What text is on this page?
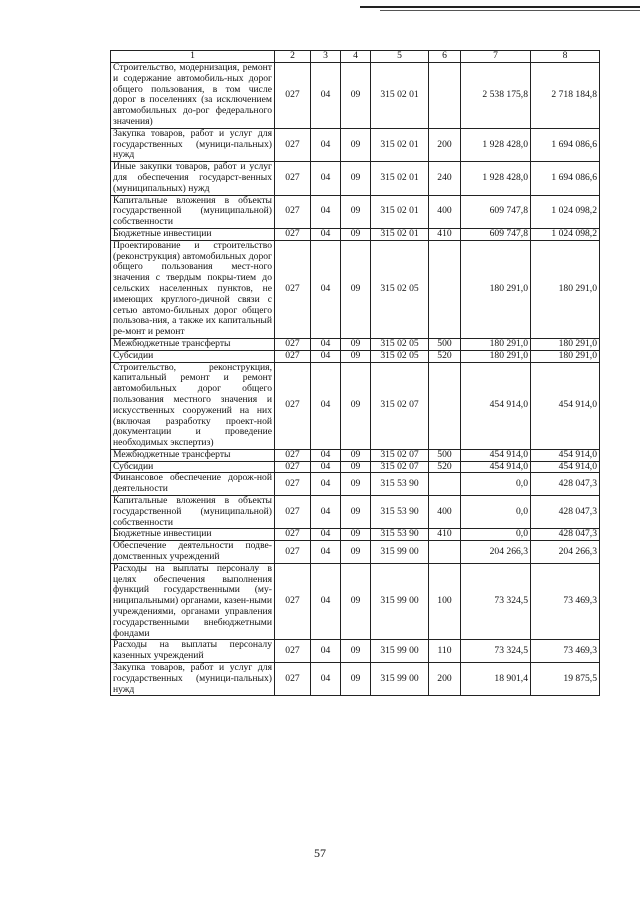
1	2	3	4	5	6	7	8
Строительство, модернизация, ремонт и содержание автомобиль-ных дорог общего пользования, в том числе дорог в поселениях (за исключением автомобильных до-рог федерального значения)	027	04	09	315 02 01		2 538 175,8	2 718 184,8
Закупка товаров, работ и услуг для государственных (муници-пальных) нужд	027	04	09	315 02 01	200	1 928 428,0	1 694 086,6
Иные закупки товаров, работ и услуг для обеспечения государст-венных (муниципальных) нужд	027	04	09	315 02 01	240	1 928 428,0	1 694 086,6
Капитальные вложения в объекты государственной (муниципальной) собственности	027	04	09	315 02 01	400	609 747,8	1 024 098,2
Бюджетные инвестиции	027	04	09	315 02 01	410	609 747,8	1 024 098,2
Проектирование и строительство (реконструкция) автомобильных дорог общего пользования мест-ного значения с твердым покры-тием до сельских населенных пунктов, не имеющих круглого-дичной связи с сетью автомо-бильных дорог общего пользова-ния, а также их капитальный ре-монт и ремонт	027	04	09	315 02 05		180 291,0	180 291,0
Межбюджетные трансферты	027	04	09	315 02 05	500	180 291,0	180 291,0
Субсидии	027	04	09	315 02 05	520	180 291,0	180 291,0
Строительство, реконструкция, капитальный ремонт и ремонт автомобильных дорог общего пользования местного значения и искусственных сооружений на них (включая разработку проект-ной документации и проведение необходимых экспертиз)	027	04	09	315 02 07		454 914,0	454 914,0
Межбюджетные трансферты	027	04	09	315 02 07	500	454 914,0	454 914,0
Субсидии	027	04	09	315 02 07	520	454 914,0	454 914,0
Финансовое обеспечение дорож-ной деятельности	027	04	09	315 53 90		0,0	428 047,3
Капитальные вложения в объекты государственной (муниципальной) собственности	027	04	09	315 53 90	400	0,0	428 047,3
Бюджетные инвестиции	027	04	09	315 53 90	410	0,0	428 047,3
Обеспечение деятельности подве-домственных учреждений	027	04	09	315 99 00		204 266,3	204 266,3
Расходы на выплаты персоналу в целях обеспечения выполнения функций государственными (му-ниципальными) органами, казен-ными учреждениями, органами управления государственными внебюджетными фондами	027	04	09	315 99 00	100	73 324,5	73 469,3
Расходы на выплаты персоналу казенных учреждений	027	04	09	315 99 00	110	73 324,5	73 469,3
Закупка товаров, работ и услуг для государственных (муници-пальных) нужд	027	04	09	315 99 00	200	18 901,4	19 875,5
57
